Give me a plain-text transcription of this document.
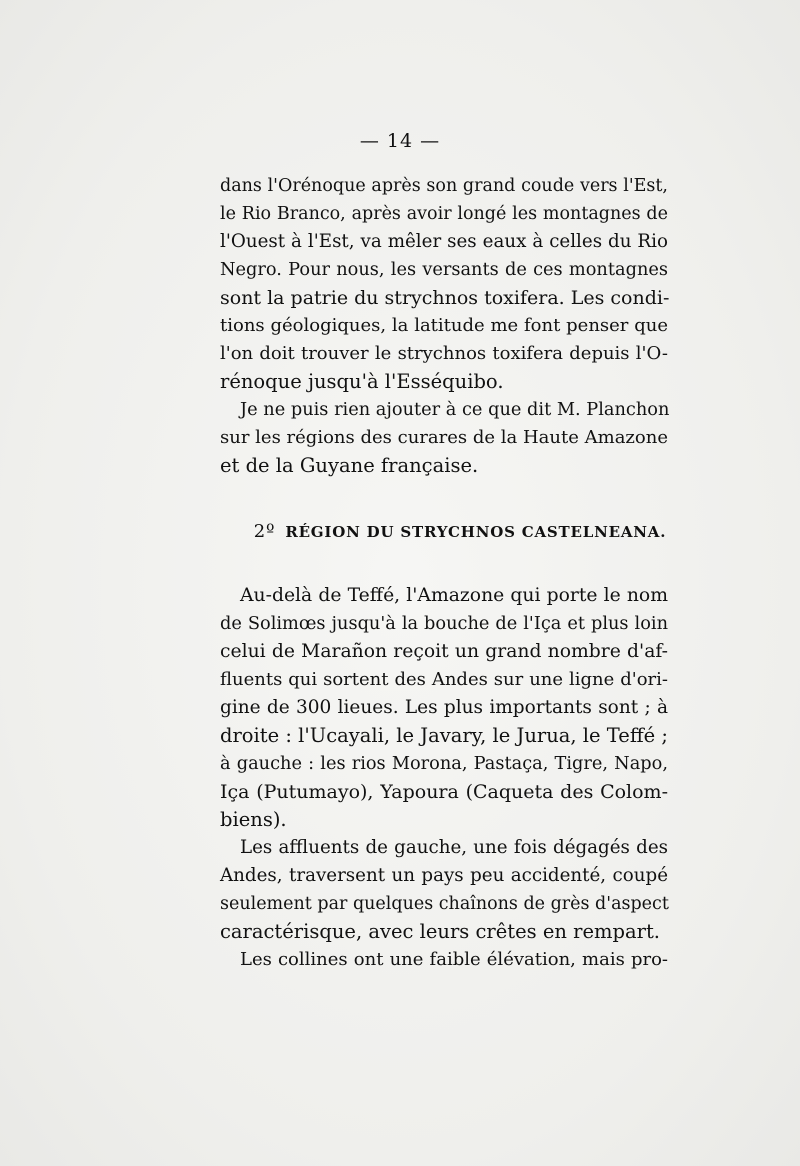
— 14 —
dans l'Orénoque après son grand coude vers l'Est,
le Rio Branco, après avoir longé les montagnes de
l'Ouest à l'Est, va mêler ses eaux à celles du Rio
Negro. Pour nous, les versants de ces montagnes
sont la patrie du strychnos toxifera. Les condi-
tions géologiques, la latitude me font penser que
l'on doit trouver le strychnos toxifera depuis l'O-
rénoque jusqu'à l'Esséquibo.
Je ne puis rien ajouter à ce que dit M. Planchon
sur les régions des curares de la Haute Amazone
et de la Guyane française.
2º RÉGION DU STRYCHNOS CASTELNEANA.
Au-delà de Teffé, l'Amazone qui porte le nom
de Solimœs jusqu'à la bouche de l'Iça et plus loin
celui de Marañon reçoit un grand nombre d'af-
fluents qui sortent des Andes sur une ligne d'ori-
gine de 300 lieues. Les plus importants sont ; à
droite : l'Ucayali, le Javary, le Jurua, le Teffé ;
à gauche : les rios Morona, Pastaça, Tigre, Napo,
Iça (Putumayo), Yapoura (Caqueta des Colom-
biens).
Les affluents de gauche, une fois dégagés des
Andes, traversent un pays peu accidenté, coupé
seulement par quelques chaînons de grès d'aspect
caractérisque, avec leurs crêtes en rempart.
Les collines ont une faible élévation, mais pro-
